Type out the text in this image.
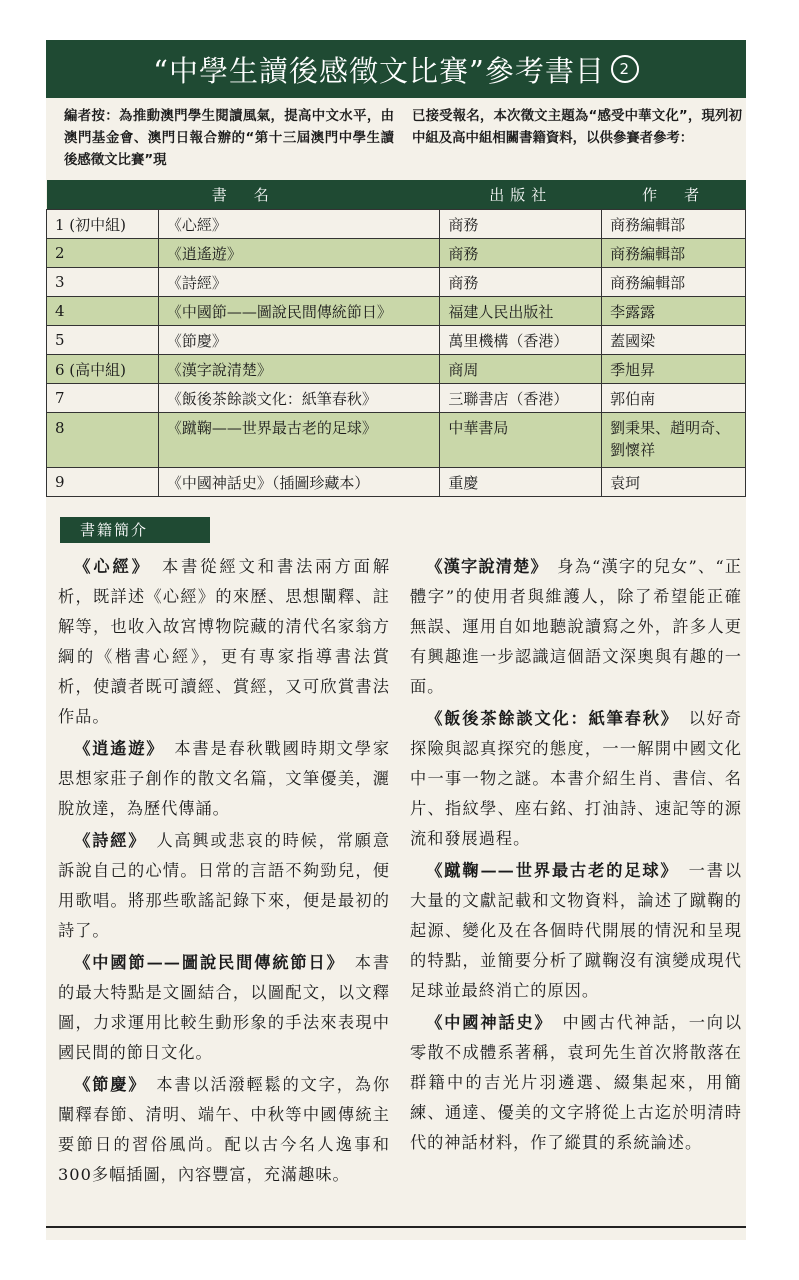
“中學生讀後感徵文比賽”參考書目 2
編者按：為推動澳門學生閱讀風氣，提高中文水平，由澳門基金會、澳門日報合辦的“第十三屆澳門中學生讀後感徵文比賽”現
已接受報名，本次徵文主題為“感受中華文化”，現列初中組及高中組相關書籍資料，以供參賽者參考：
書　名		出版社	作　者
1 (初中組)	《心經》	商務	商務編輯部
2	《逍遙遊》	商務	商務編輯部
3	《詩經》	商務	商務編輯部
4	《中國節——圖說民間傳統節日》	福建人民出版社	李露露
5	《節慶》	萬里機構（香港）	蓋國梁
6 (高中組)	《漢字說清楚》	商周	季旭昇
7	《飯後茶餘談文化：紙筆春秋》	三聯書店（香港）	郭伯南
8	《蹴鞠——世界最古老的足球》	中華書局	劉秉果、趙明奇、劉懷祥
9	《中國神話史》（插圖珍藏本）	重慶	袁珂
書籍簡介

《心經》　 本書從經文和書法兩方面解析，既詳述《心經》的來歷、思想闡釋、註解等，也收入故宮博物院藏的清代名家翁方綱的《楷書心經》，更有專家指導書法賞析，使讀者既可讀經、賞經，又可欣賞書法作品。

《逍遙遊》　 本書是春秋戰國時期文學家思想家莊子創作的散文名篇，文筆優美，灑脫放達，為歷代傳誦。

《詩經》　 人高興或悲哀的時候，常願意訴說自己的心情。日常的言語不夠勁兒，便用歌唱。將那些歌謠記錄下來，便是最初的詩了。

《中國節——圖說民間傳統節日》　 本書的最大特點是文圖結合，以圖配文，以文釋圖，力求運用比較生動形象的手法來表現中國民間的節日文化。

《節慶》　 本書以活潑輕鬆的文字，為你闡釋春節、清明、端午、中秋等中國傳統主要節日的習俗風尚。配以古今名人逸事和300多幅插圖，內容豐富，充滿趣味。

《漢字說清楚》　 身為“漢字的兒女”、“正體字”的使用者與維護人，除了希望能正確無誤、運用自如地聽說讀寫之外，許多人更有興趣進一步認識這個語文深奧與有趣的一面。

《飯後茶餘談文化：紙筆春秋》　 以好奇探險與認真探究的態度，一一解開中國文化中一事一物之謎。本書介紹生肖、書信、名片、指紋學、座右銘、打油詩、速記等的源流和發展過程。

《蹴鞠——世界最古老的足球》　 一書以大量的文獻記載和文物資料，論述了蹴鞠的起源、變化及在各個時代開展的情況和呈現的特點，並簡要分析了蹴鞠沒有演變成現代足球並最終消亡的原因。

《中國神話史》　 中國古代神話，一向以零散不成體系著稱，袁珂先生首次將散落在群籍中的吉光片羽遴選、綴集起來，用簡練、通達、優美的文字將從上古迄於明清時代的神話材料，作了縱貫的系統論述。
